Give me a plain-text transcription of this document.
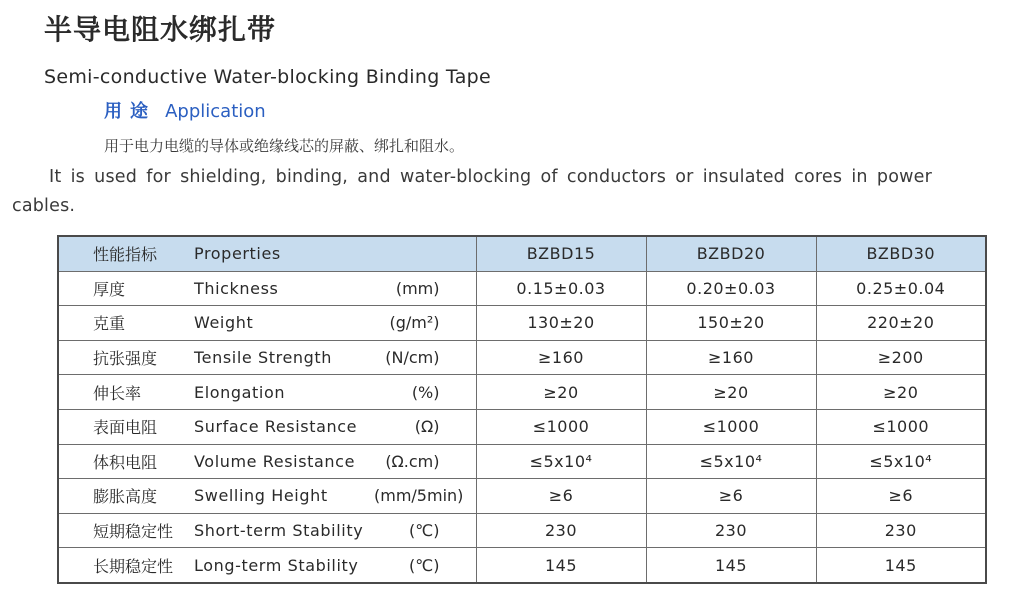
半导电阻水绑扎带
Semi-conductive Water-blocking Binding Tape
用途 Application
用于电力电缆的导体或绝缘线芯的屏蔽、绑扎和阻水。
It is used for shielding, binding, and water-blocking of conductors or insulated cores in power cables.
性能指标	Properties		BZBD15	BZBD20	BZBD30
厚度	Thickness	(mm)	0.15±0.03	0.20±0.03	0.25±0.04
克重	Weight	(g/m²)	130±20	150±20	220±20
抗张强度	Tensile Strength	(N/cm)	≥160	≥160	≥200
伸长率	Elongation	(%)	≥20	≥20	≥20
表面电阻	Surface Resistance	(Ω)	≤1000	≤1000	≤1000
体积电阻	Volume Resistance	(Ω.cm)	≤5x10⁴	≤5x10⁴	≤5x10⁴
膨胀高度	Swelling Height	(mm/5min)	≥6	≥6	≥6
短期稳定性	Short-term Stability	(℃)	230	230	230
长期稳定性	Long-term Stability	(℃)	145	145	145
